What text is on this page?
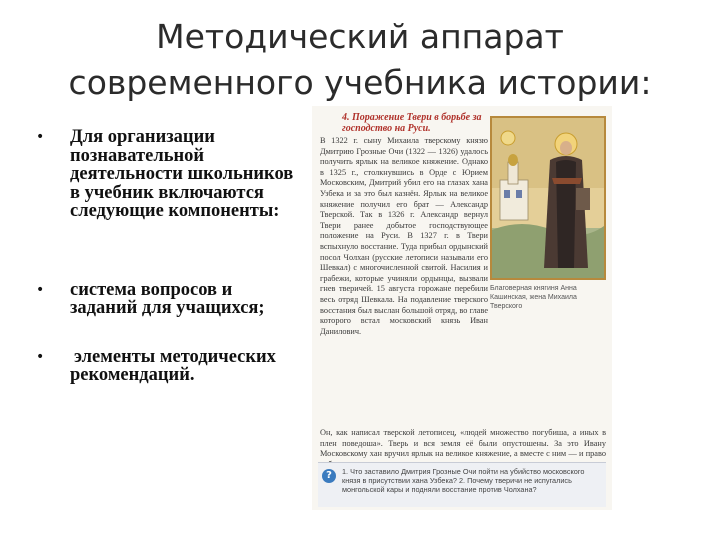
Методический аппарат современного учебника истории:
• Для организации познавательной деятельности школьников в учебник включаются следующие компоненты:
• система вопросов и заданий для учащихся;
• элементы методических рекомендаций.
4. Поражение Твери в борьбе за господство на Руси.
В 1322 г. сыну Михаила тверскому князю Дмитрию Грозные Очи (1322 — 1326) удалось получить ярлык на великое княжение. Однако в 1325 г., столкнувшись в Орде с Юрием Московским, Дмитрий убил его на глазах хана Узбека и за это был казнён. Ярлык на великое княжение получил его брат — Александр Тверской. Так в 1326 г. Александр вернул Твери ранее добытое господствующее положение на Руси. В 1327 г. в Твери вспыхнуло восстание. Туда прибыл ордынский посол Чолхан (русские летописи называли его Шевкал) с многочисленной свитой. Насилия и грабежи, которые учиняли ордынцы, вызвали гнев тверичей. 15 августа горожане перебили весь отряд Шевкала. На подавление тверского восстания был выслан большой отряд, во главе которого встал московский князь Иван Данилович.
Благоверная княгиня Анна Кашинская, жена Михаила Тверского
Он, как написал тверской летописец, «людей множество погубиша, а иных в плен поведоша». Тверь и вся земля её были опустошены. За это Ивану Московскому хан вручил ярлык на великое княжение, а вместе с ним — и право
?	1. Что заставило Дмитрия Грозные Очи пойти на убийство московского князя в присутствии хана Узбека? 2. Почему тверичи не испугались монгольской кары и подняли восстание против Чолхана?
